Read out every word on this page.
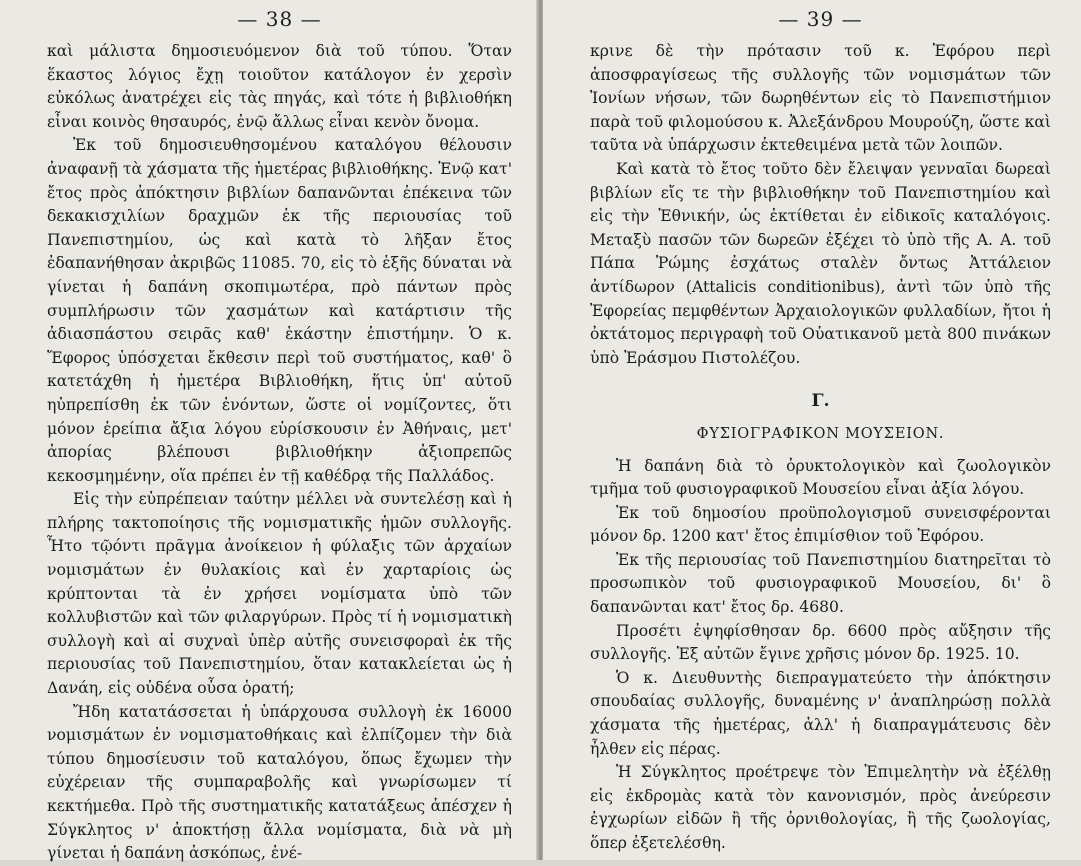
— 38 —

καὶ μάλιστα δημοσιευόμενον διὰ τοῦ τύπου. Ὅταν ἕκαστος λόγιος ἔχῃ τοιοῦτον κατάλογον ἐν χερσὶν εὐκόλως ἀνατρέχει εἰς τὰς πηγάς, καὶ τότε ἡ βιβλιοθήκη εἶναι κοινὸς θησαυρός, ἐνῷ ἄλλως εἶναι κενὸν ὄνομα.

Ἐκ τοῦ δημοσιευθησομένου καταλόγου θέλουσιν ἀναφανῇ τὰ χάσματα τῆς ἡμετέρας βιβλιοθήκης. Ἐνῷ κατ' ἔτος πρὸς ἀπόκτησιν βιβλίων δαπανῶνται ἐπέκεινα τῶν δεκακισχιλίων δραχμῶν ἐκ τῆς περιουσίας τοῦ Πανεπιστημίου, ὡς καὶ κατὰ τὸ λῆξαν ἔτος ἐδαπανήθησαν ἀκριβῶς 11085. 70, εἰς τὸ ἑξῆς δύναται νὰ γίνεται ἡ δαπάνη σκοπιμωτέρα, πρὸ πάντων πρὸς συμπλήρωσιν τῶν χασμάτων καὶ κατάρτισιν τῆς ἀδιασπάστου σειρᾶς καθ' ἑκάστην ἐπιστήμην. Ὁ κ. Ἔφορος ὑπόσχεται ἔκθεσιν περὶ τοῦ συστήματος, καθ' ὃ κατετάχθη ἡ ἡμετέρα Βιβλιοθήκη, ἥτις ὑπ' αὐτοῦ ηὐπρεπίσθη ἐκ τῶν ἐνόντων, ὥστε οἱ νομίζοντες, ὅτι μόνον ἐρείπια ἄξια λόγου εὑρίσκουσιν ἐν Ἀθήναις, μετ' ἀπορίας βλέπουσι βιβλιοθήκην ἀξιοπρεπῶς κεκοσμημένην, οἵα πρέπει ἐν τῇ καθέδρᾳ τῆς Παλλάδος.

Εἰς τὴν εὐπρέπειαν ταύτην μέλλει νὰ συντελέσῃ καὶ ἡ πλήρης τακτοποίησις τῆς νομισματικῆς ἡμῶν συλλογῆς. Ἦτο τῷόντι πρᾶγμα ἀνοίκειον ἡ φύλαξις τῶν ἀρχαίων νομισμάτων ἐν θυλακίοις καὶ ἐν χαρταρίοις ὡς κρύπτονται τὰ ἐν χρήσει νομίσματα ὑπὸ τῶν κολλυβιστῶν καὶ τῶν φιλαργύρων. Πρὸς τί ἡ νομισματικὴ συλλογὴ καὶ αἱ συχναὶ ὑπὲρ αὐτῆς συνεισφοραὶ ἐκ τῆς περιουσίας τοῦ Πανεπιστημίου, ὅταν κατακλείεται ὡς ἡ Δανάη, εἰς οὐδένα οὖσα ὁρατή;

Ἤδη κατατάσσεται ἡ ὑπάρχουσα συλλογὴ ἐκ 16000 νομισμάτων ἐν νομισματοθήκαις καὶ ἐλπίζομεν τὴν διὰ τύπου δημοσίευσιν τοῦ καταλόγου, ὅπως ἔχωμεν τὴν εὐχέρειαν τῆς συμπαραβολῆς καὶ γνωρίσωμεν τί κεκτήμεθα. Πρὸ τῆς συστηματικῆς κατατάξεως ἀπέσχεν ἡ Σύγκλητος ν' ἀποκτήσῃ ἄλλα νομίσματα, διὰ νὰ μὴ γίνεται ἡ δαπάνη ἀσκόπως, ἐνέ-

— 39 —

κρινε δὲ τὴν πρότασιν τοῦ κ. Ἐφόρου περὶ ἀποσφραγίσεως τῆς συλλογῆς τῶν νομισμάτων τῶν Ἰονίων νήσων, τῶν δωρηθέντων εἰς τὸ Πανεπιστήμιον παρὰ τοῦ φιλομούσου κ. Ἀλεξάνδρου Μουρούζη, ὥστε καὶ ταῦτα νὰ ὑπάρχωσιν ἐκτεθειμένα μετὰ τῶν λοιπῶν.

Καὶ κατὰ τὸ ἔτος τοῦτο δὲν ἔλειψαν γενναῖαι δωρεαὶ βιβλίων εἴς τε τὴν βιβλιοθήκην τοῦ Πανεπιστημίου καὶ εἰς τὴν Ἐθνικήν, ὡς ἐκτίθεται ἐν εἰδικοῖς καταλόγοις. Μεταξὺ πασῶν τῶν δωρεῶν ἐξέχει τὸ ὑπὸ τῆς Α. Α. τοῦ Πάπα Ῥώμης ἐσχάτως σταλὲν ὄντως Ἀττάλειον ἀντίδωρον (Attalicis conditionibus), ἀντὶ τῶν ὑπὸ τῆς Ἐφορείας πεμφθέντων Ἀρχαιολογικῶν φυλλαδίων, ἤτοι ἡ ὀκτάτομος περιγραφὴ τοῦ Οὐατικανοῦ μετὰ 800 πινάκων ὑπὸ Ἐράσμου Πιστολέζου.

Γ.
ΦΥΣΙΟΓΡΑΦΙΚΟΝ ΜΟΥΣΕΙΟΝ.

Ἡ δαπάνη διὰ τὸ ὀρυκτολογικὸν καὶ ζωολογικὸν τμῆμα τοῦ φυσιογραφικοῦ Μουσείου εἶναι ἀξία λόγου.

Ἐκ τοῦ δημοσίου προϋπολογισμοῦ συνεισφέρονται μόνον δρ. 1200 κατ' ἔτος ἐπιμίσθιον τοῦ Ἐφόρου.

Ἐκ τῆς περιουσίας τοῦ Πανεπιστημίου διατηρεῖται τὸ προσωπικὸν τοῦ φυσιογραφικοῦ Μουσείου, δι' ὃ δαπανῶνται κατ' ἔτος δρ. 4680.

Προσέτι ἐψηφίσθησαν δρ. 6600 πρὸς αὔξησιν τῆς συλλογῆς. Ἐξ αὐτῶν ἔγινε χρῆσις μόνον δρ. 1925. 10.

Ὁ κ. Διευθυντὴς διεπραγματεύετο τὴν ἀπόκτησιν σπουδαίας συλλογῆς, δυναμένης ν' ἀναπληρώσῃ πολλὰ χάσματα τῆς ἡμετέρας, ἀλλ' ἡ διαπραγμάτευσις δὲν ἦλθεν εἰς πέρας.

Ἡ Σύγκλητος προέτρεψε τὸν Ἐπιμελητὴν νὰ ἐξέλθῃ εἰς ἐκδρομὰς κατὰ τὸν κανονισμόν, πρὸς ἀνεύρεσιν ἐγχωρίων εἰδῶν ἢ τῆς ὀρνιθολογίας, ἢ τῆς ζωολογίας, ὅπερ ἐξετελέσθη.
